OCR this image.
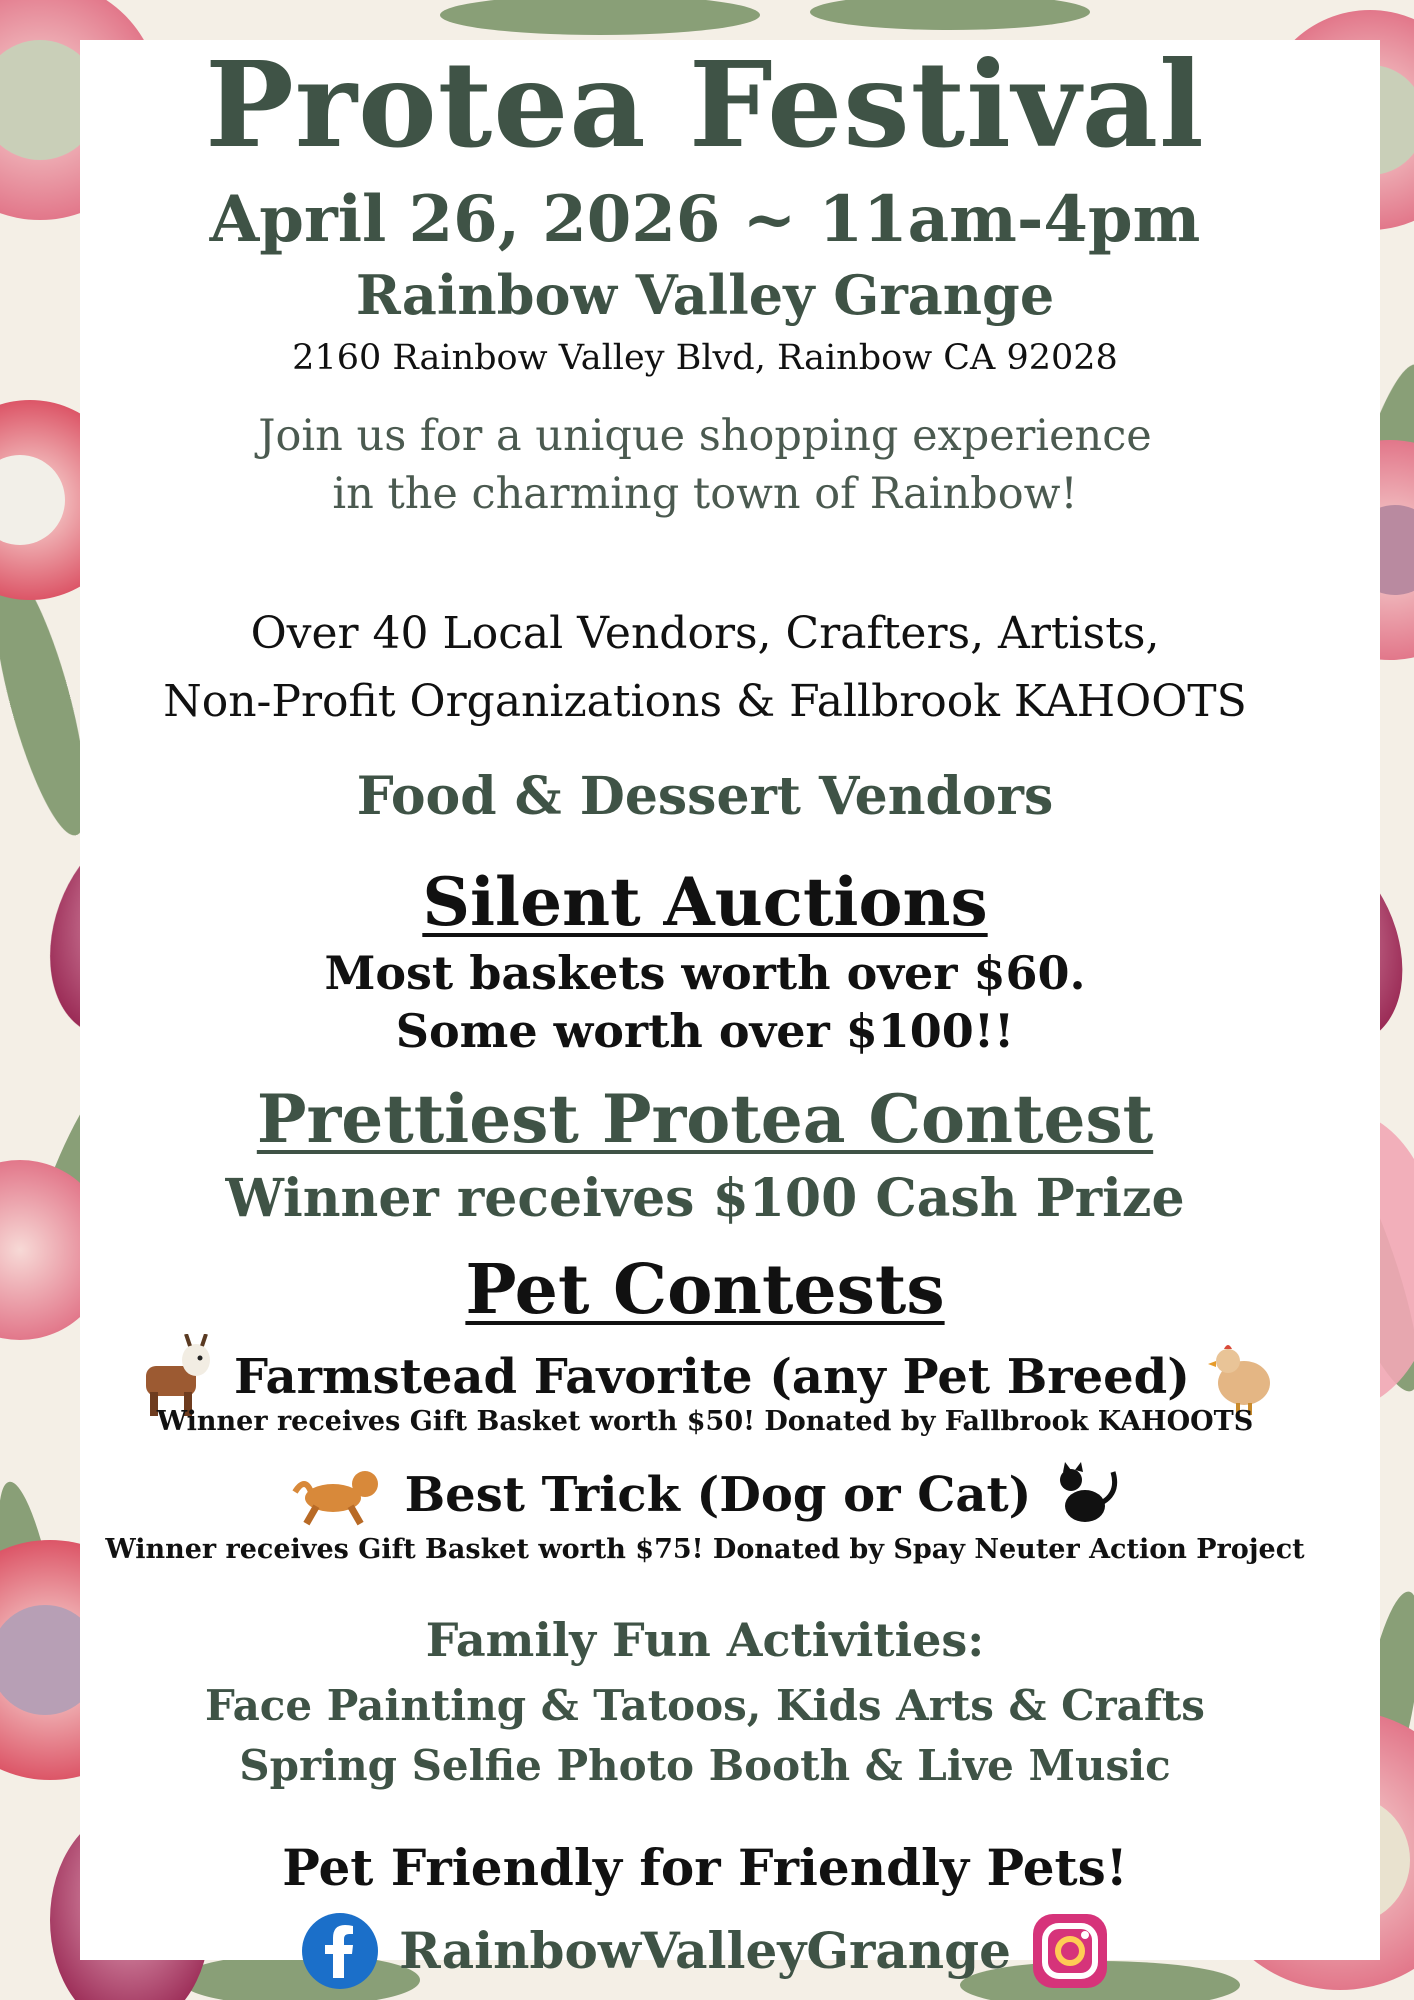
Protea Festival

April 26, 2026 ~ 11am-4pm

Rainbow Valley Grange

2160 Rainbow Valley Blvd, Rainbow CA 92028

Join us for a unique shopping experience

in the charming town of Rainbow!

Over 40 Local Vendors, Crafters, Artists,

Non-Profit Organizations & Fallbrook KAHOOTS

Food & Dessert Vendors

Silent Auctions

Most baskets worth over $60.

Some worth over $100!!

Prettiest Protea Contest

Winner receives $100 Cash Prize

Pet Contests

Farmstead Favorite (any Pet Breed)

Winner receives Gift Basket worth $50! Donated by Fallbrook KAHOOTS

Best Trick (Dog or Cat)

Winner receives Gift Basket worth $75! Donated by Spay Neuter Action Project

Family Fun Activities:

Face Painting & Tatoos, Kids Arts & Crafts

Spring Selfie Photo Booth & Live Music

Pet Friendly for Friendly Pets!

RainbowValleyGrange
